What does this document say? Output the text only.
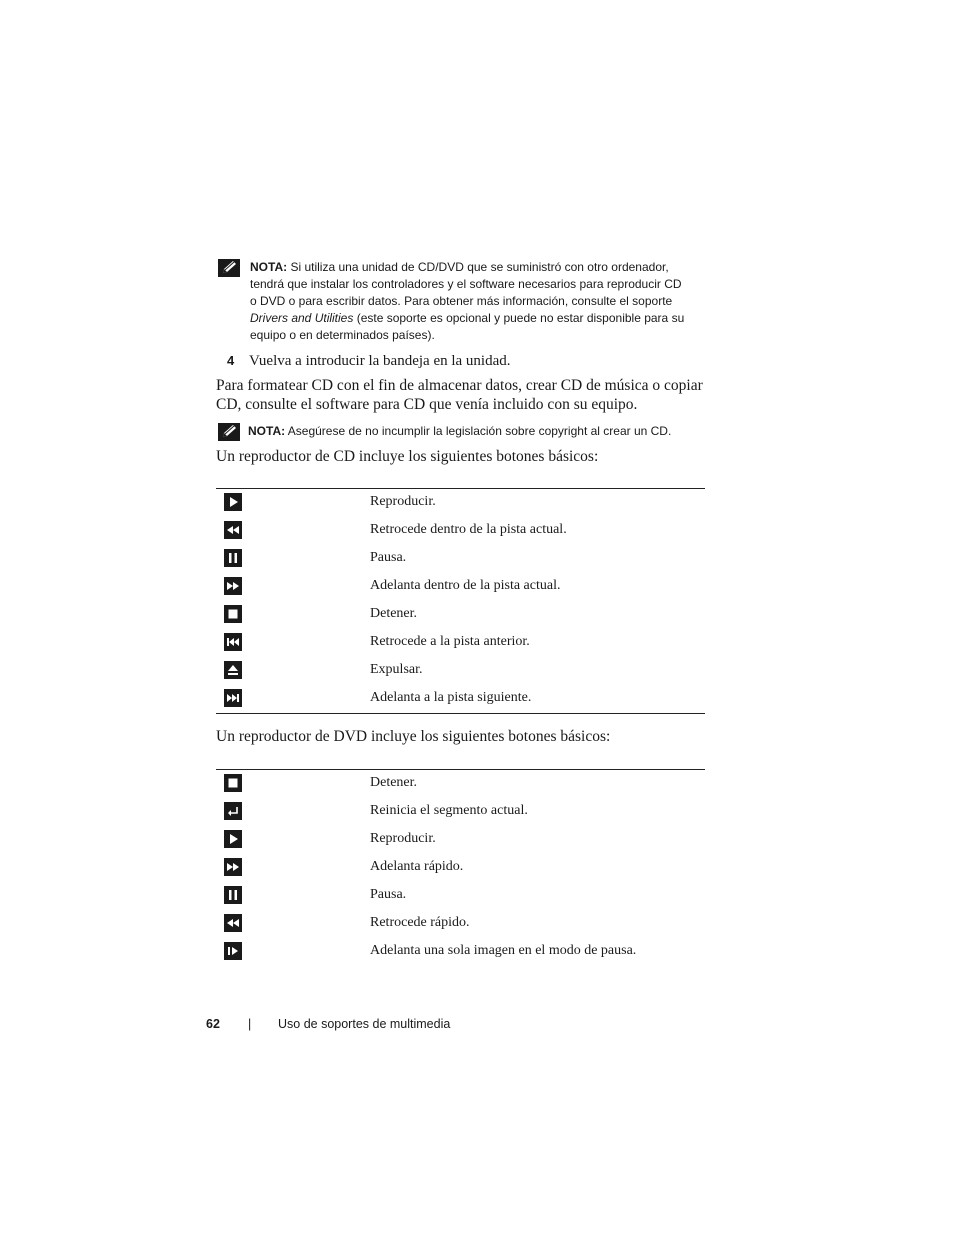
NOTA: Si utiliza una unidad de CD/DVD que se suministró con otro ordenador,
tendrá que instalar los controladores y el software necesarios para reproducir CD
o DVD o para escribir datos. Para obtener más información, consulte el soporte
Drivers and Utilities (este soporte es opcional y puede no estar disponible para su
equipo o en determinados países).
4 Vuelva a introducir la bandeja en la unidad.
Para formatear CD con el fin de almacenar datos, crear CD de música o copiar
CD, consulte el software para CD que venía incluido con su equipo.
NOTA: Asegúrese de no incumplir la legislación sobre copyright al crear un CD.
Un reproductor de CD incluye los siguientes botones básicos:
Reproducir.
Retrocede dentro de la pista actual.
Pausa.
Adelanta dentro de la pista actual.
Detener.
Retrocede a la pista anterior.
Expulsar.
Adelanta a la pista siguiente.
Un reproductor de DVD incluye los siguientes botones básicos:
Detener.
Reinicia el segmento actual.
Reproducir.
Adelanta rápido.
Pausa.
Retrocede rápido.
Adelanta una sola imagen en el modo de pausa.
62 | Uso de soportes de multimedia
